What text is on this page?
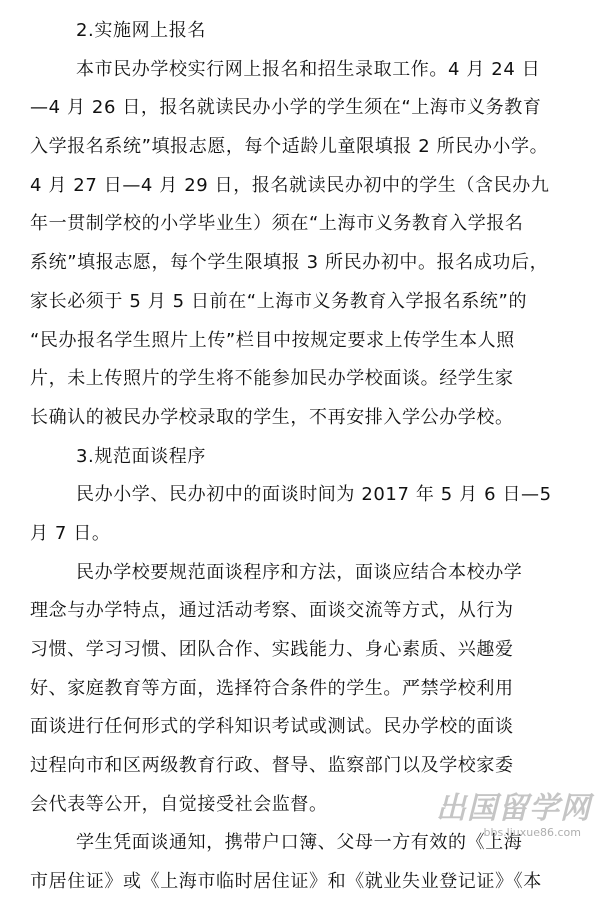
2.实施网上报名
本市民办学校实行网上报名和招生录取工作。4 月 24 日
—4 月 26 日，报名就读民办小学的学生须在“上海市义务教育
入学报名系统”填报志愿，每个适龄儿童限填报 2 所民办小学。
4 月 27 日—4 月 29 日，报名就读民办初中的学生（含民办九
年一贯制学校的小学毕业生）须在“上海市义务教育入学报名
系统”填报志愿，每个学生限填报 3 所民办初中。报名成功后，
家长必须于 5 月 5 日前在“上海市义务教育入学报名系统”的
“民办报名学生照片上传”栏目中按规定要求上传学生本人照
片，未上传照片的学生将不能参加民办学校面谈。经学生家
长确认的被民办学校录取的学生，不再安排入学公办学校。
3.规范面谈程序
民办小学、民办初中的面谈时间为 2017 年 5 月 6 日—5
月 7 日。
民办学校要规范面谈程序和方法，面谈应结合本校办学
理念与办学特点，通过活动考察、面谈交流等方式，从行为
习惯、学习习惯、团队合作、实践能力、身心素质、兴趣爱
好、家庭教育等方面，选择符合条件的学生。严禁学校利用
面谈进行任何形式的学科知识考试或测试。民办学校的面谈
过程向市和区两级教育行政、督导、监察部门以及学校家委
会代表等公开，自觉接受社会监督。
学生凭面谈通知，携带户口簿、父母一方有效的《上海
市居住证》或《上海市临时居住证》和《就业失业登记证》《本
出国留学网
bbs.liuxue86.com
